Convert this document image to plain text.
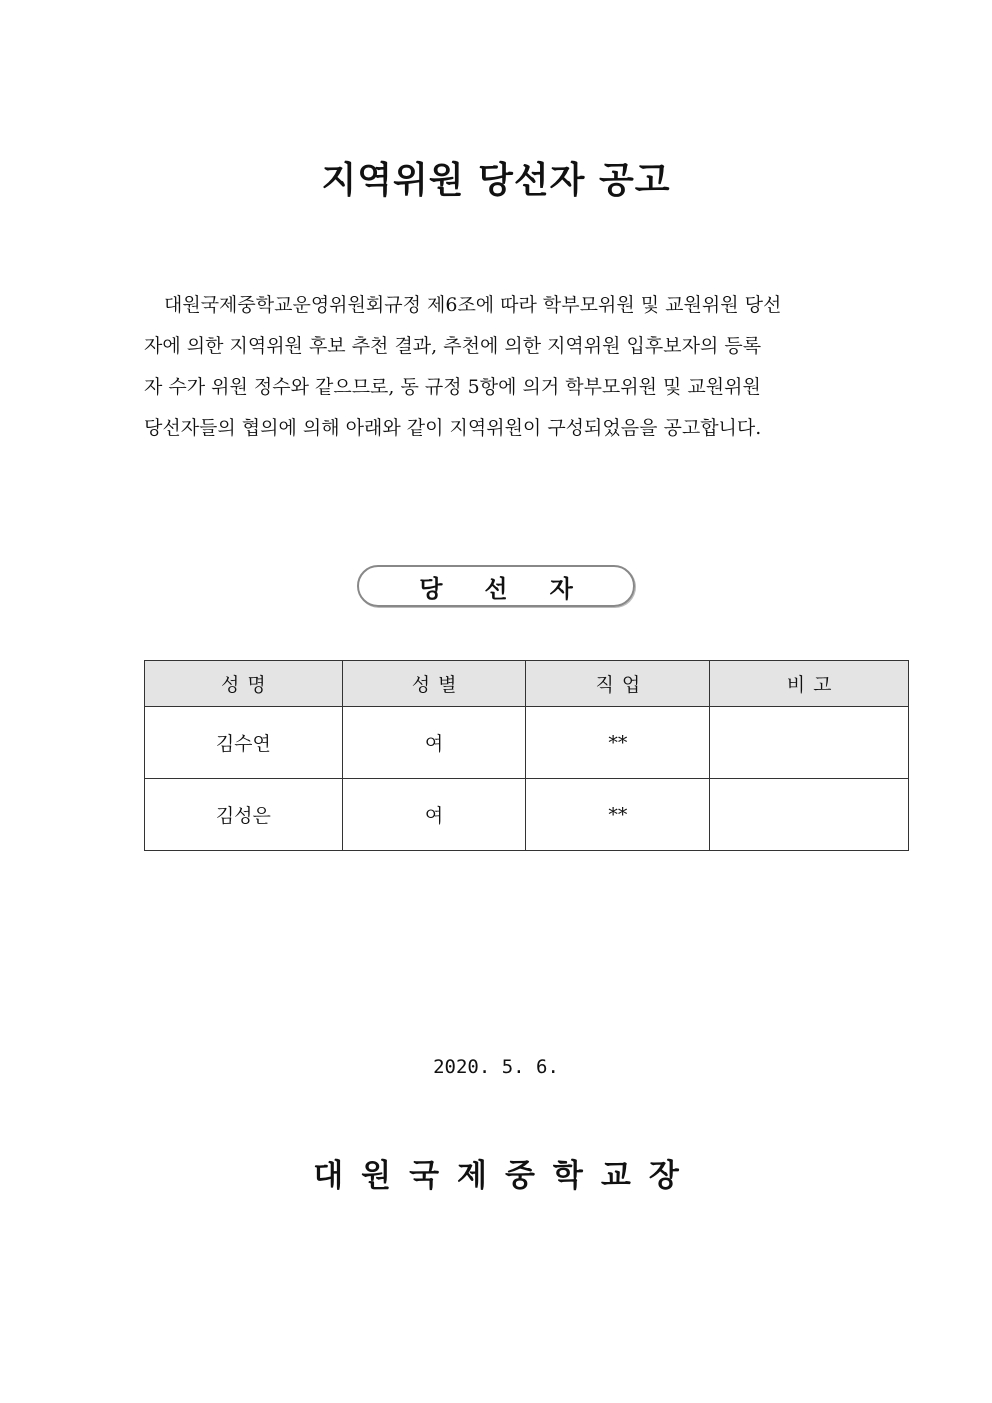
지역위원 당선자 공고
대원국제중학교운영위원회규정 제6조에 따라 학부모위원 및 교원위원 당선
자에 의한 지역위원 후보 추천 결과, 추천에 의한 지역위원 입후보자의 등록
자 수가 위원 정수와 같으므로, 동 규정 5항에 의거 학부모위원 및 교원위원
당선자들의 협의에 의해 아래와 같이 지역위원이 구성되었음을 공고합니다.
당선자
성명	성별	직업	비고
김수연	여	**	
김성은	여	**	

2020. 5. 6.

대원국제중학교장
